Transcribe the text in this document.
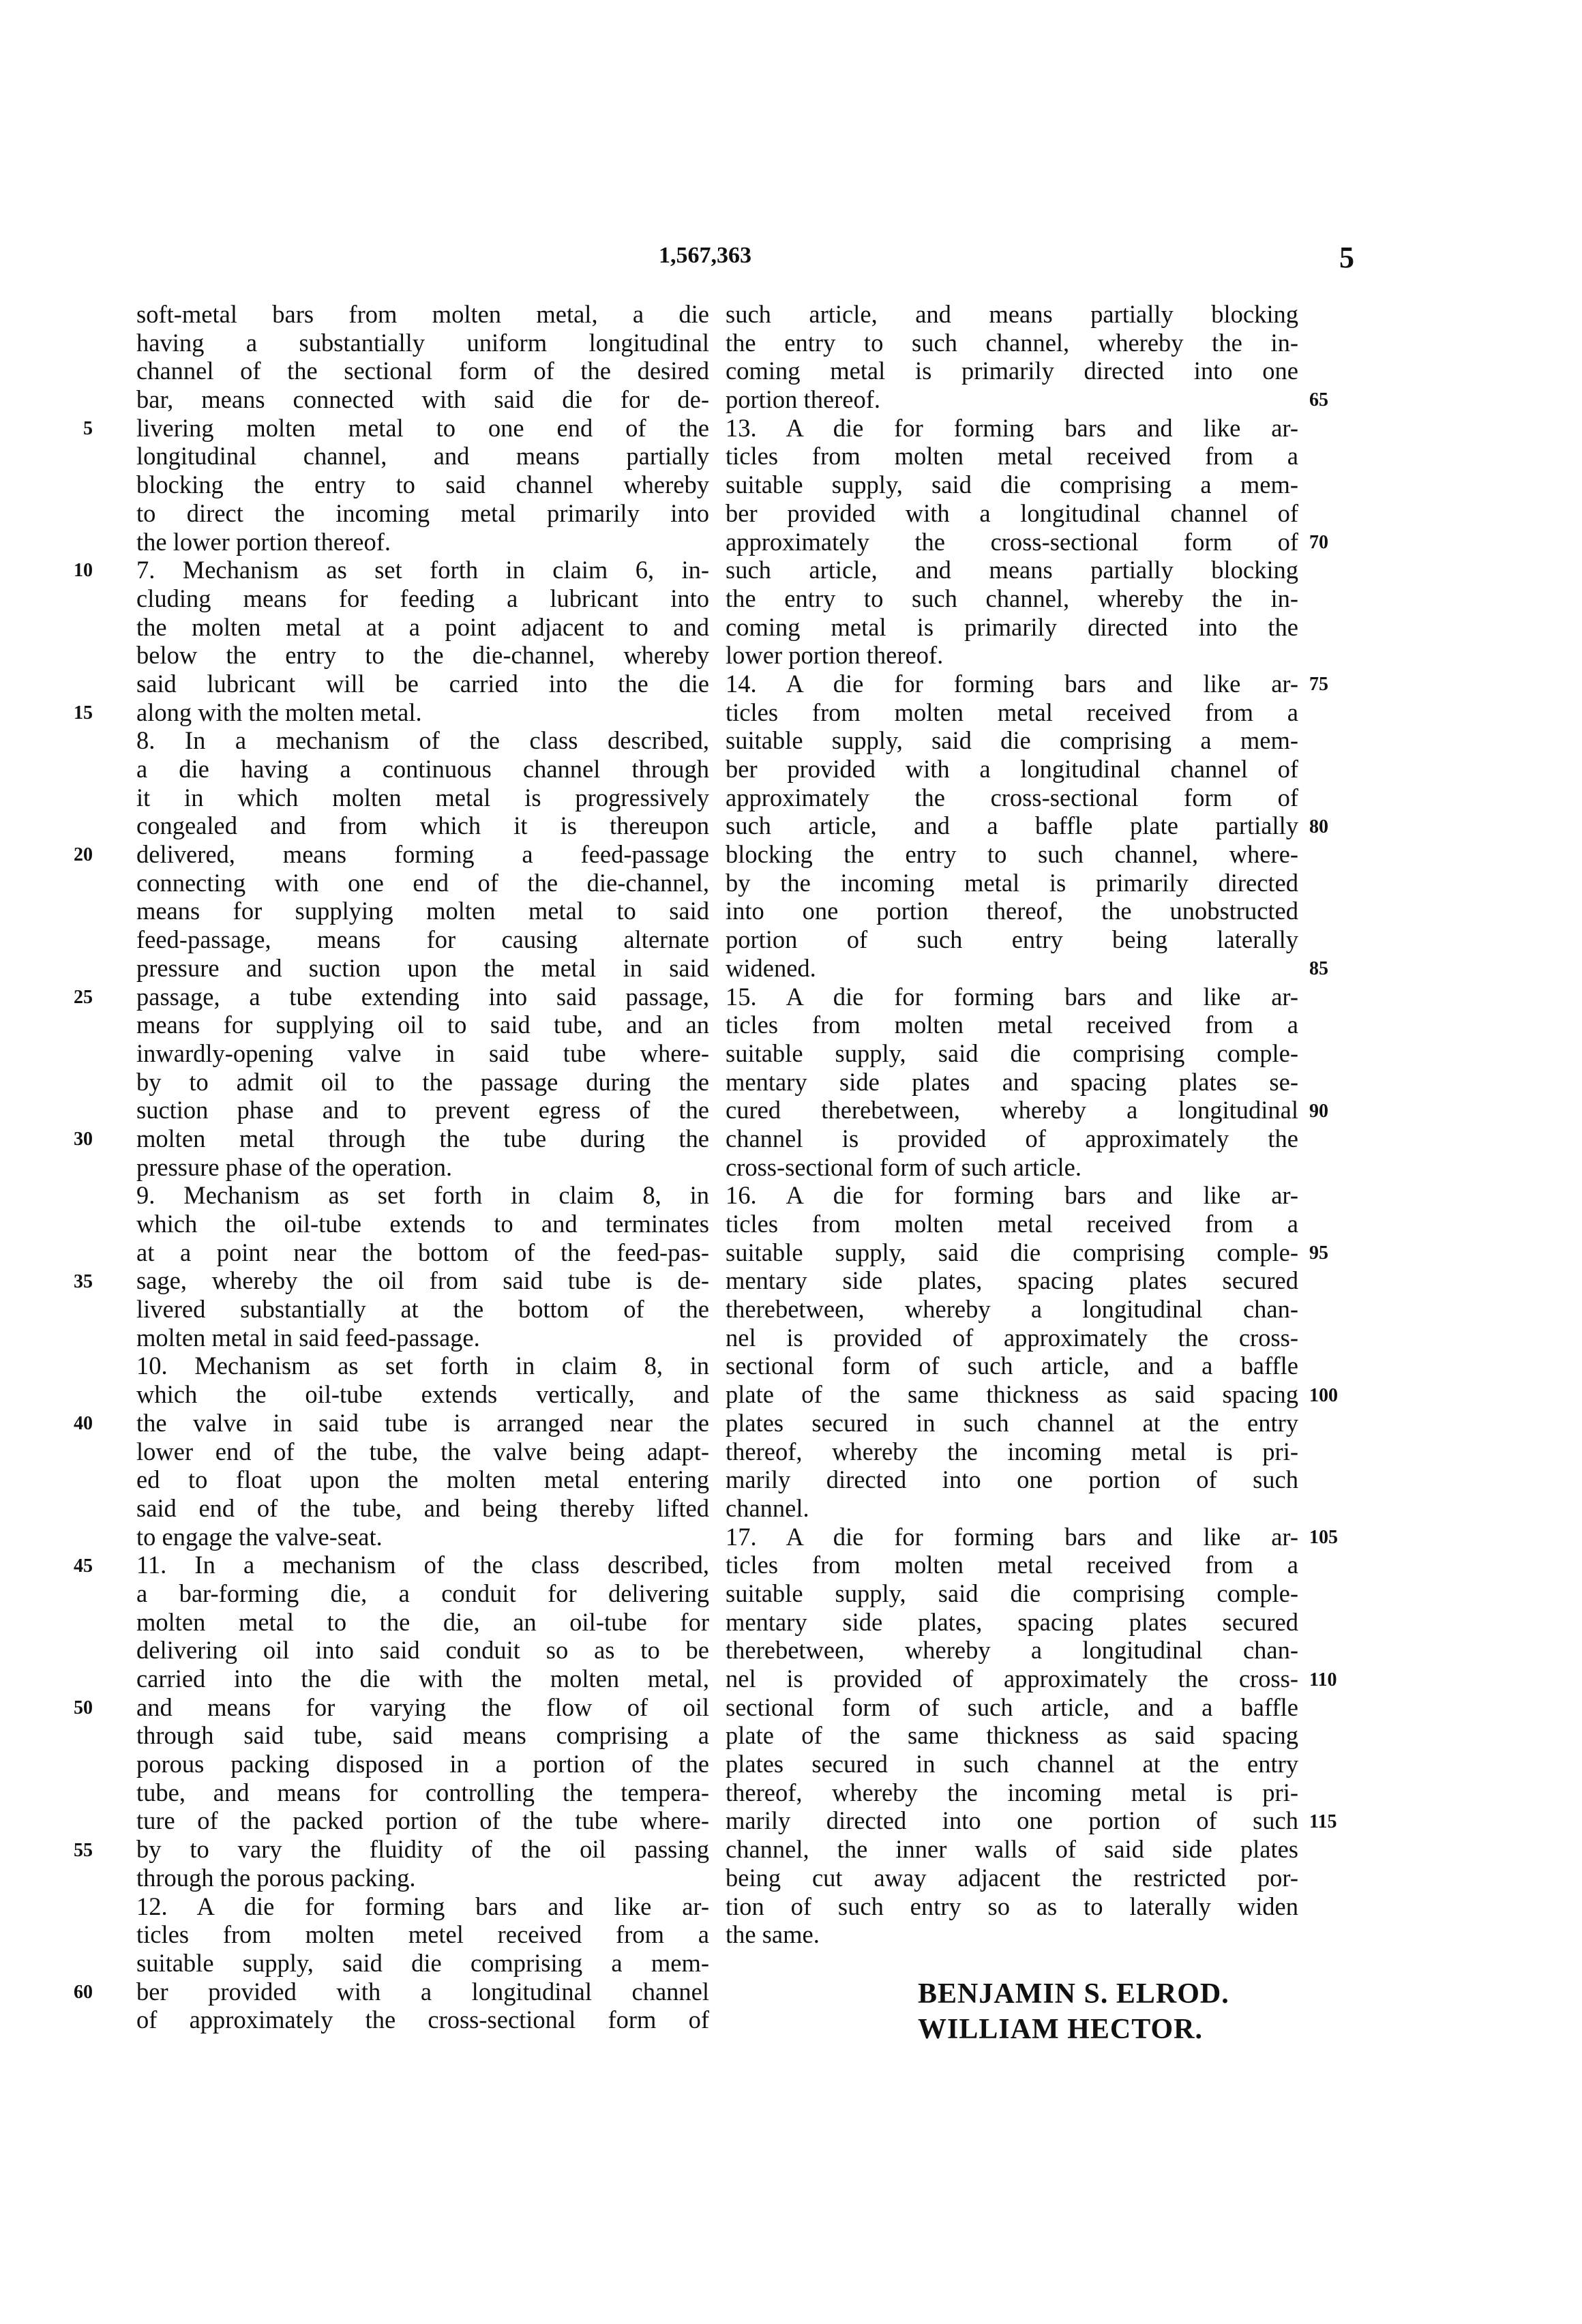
1,567,363	5
soft-metal bars from molten metal, a die
having a substantially uniform longitudinal
channel of the sectional form of the desired
bar, means connected with said die for de-
livering molten metal to one end of the
longitudinal channel, and means partially
blocking the entry to said channel whereby
to direct the incoming metal primarily into
the lower portion thereof.
7. Mechanism as set forth in claim 6, in-
cluding means for feeding a lubricant into
the molten metal at a point adjacent to and
below the entry to the die-channel, whereby
said lubricant will be carried into the die
along with the molten metal.
8. In a mechanism of the class described,
a die having a continuous channel through
it in which molten metal is progressively
congealed and from which it is thereupon
delivered, means forming a feed-passage
connecting with one end of the die-channel,
means for supplying molten metal to said
feed-passage, means for causing alternate
pressure and suction upon the metal in said
passage, a tube extending into said passage,
means for supplying oil to said tube, and an
inwardly-opening valve in said tube where-
by to admit oil to the passage during the
suction phase and to prevent egress of the
molten metal through the tube during the
pressure phase of the operation.
9. Mechanism as set forth in claim 8, in
which the oil-tube extends to and terminates
at a point near the bottom of the feed-pas-
sage, whereby the oil from said tube is de-
livered substantially at the bottom of the
molten metal in said feed-passage.
10. Mechanism as set forth in claim 8, in
which the oil-tube extends vertically, and
the valve in said tube is arranged near the
lower end of the tube, the valve being adapt-
ed to float upon the molten metal entering
said end of the tube, and being thereby lifted
to engage the valve-seat.
11. In a mechanism of the class described,
a bar-forming die, a conduit for delivering
molten metal to the die, an oil-tube for
delivering oil into said conduit so as to be
carried into the die with the molten metal,
and means for varying the flow of oil
through said tube, said means comprising a
porous packing disposed in a portion of the
tube, and means for controlling the tempera-
ture of the packed portion of the tube where-
by to vary the fluidity of the oil passing
through the porous packing.
12. A die for forming bars and like ar-
ticles from molten metel received from a
suitable supply, said die comprising a mem-
ber provided with a longitudinal channel
of approximately the cross-sectional form of
such article, and means partially blocking
the entry to such channel, whereby the in-
coming metal is primarily directed into one
portion thereof.
13. A die for forming bars and like ar-
ticles from molten metal received from a
suitable supply, said die comprising a mem-
ber provided with a longitudinal channel of
approximately the cross-sectional form of
such article, and means partially blocking
the entry to such channel, whereby the in-
coming metal is primarily directed into the
lower portion thereof.
14. A die for forming bars and like ar-
ticles from molten metal received from a
suitable supply, said die comprising a mem-
ber provided with a longitudinal channel of
approximately the cross-sectional form of
such article, and a baffle plate partially
blocking the entry to such channel, where-
by the incoming metal is primarily directed
into one portion thereof, the unobstructed
portion of such entry being laterally
widened.
15. A die for forming bars and like ar-
ticles from molten metal received from a
suitable supply, said die comprising comple-
mentary side plates and spacing plates se-
cured therebetween, whereby a longitudinal
channel is provided of approximately the
cross-sectional form of such article.
16. A die for forming bars and like ar-
ticles from molten metal received from a
suitable supply, said die comprising comple-
mentary side plates, spacing plates secured
therebetween, whereby a longitudinal chan-
nel is provided of approximately the cross-
sectional form of such article, and a baffle
plate of the same thickness as said spacing
plates secured in such channel at the entry
thereof, whereby the incoming metal is pri-
marily directed into one portion of such
channel.
17. A die for forming bars and like ar-
ticles from molten metal received from a
suitable supply, said die comprising comple-
mentary side plates, spacing plates secured
therebetween, whereby a longitudinal chan-
nel is provided of approximately the cross-
sectional form of such article, and a baffle
plate of the same thickness as said spacing
plates secured in such channel at the entry
thereof, whereby the incoming metal is pri-
marily directed into one portion of such
channel, the inner walls of said side plates
being cut away adjacent the restricted por-
tion of such entry so as to laterally widen
the same.
5
10
15
20
25
30
35
40
45
50
55
60
65
70
75
80
85
90
95
100
105
110
115
BENJAMIN S. ELROD.
WILLIAM HECTOR.
